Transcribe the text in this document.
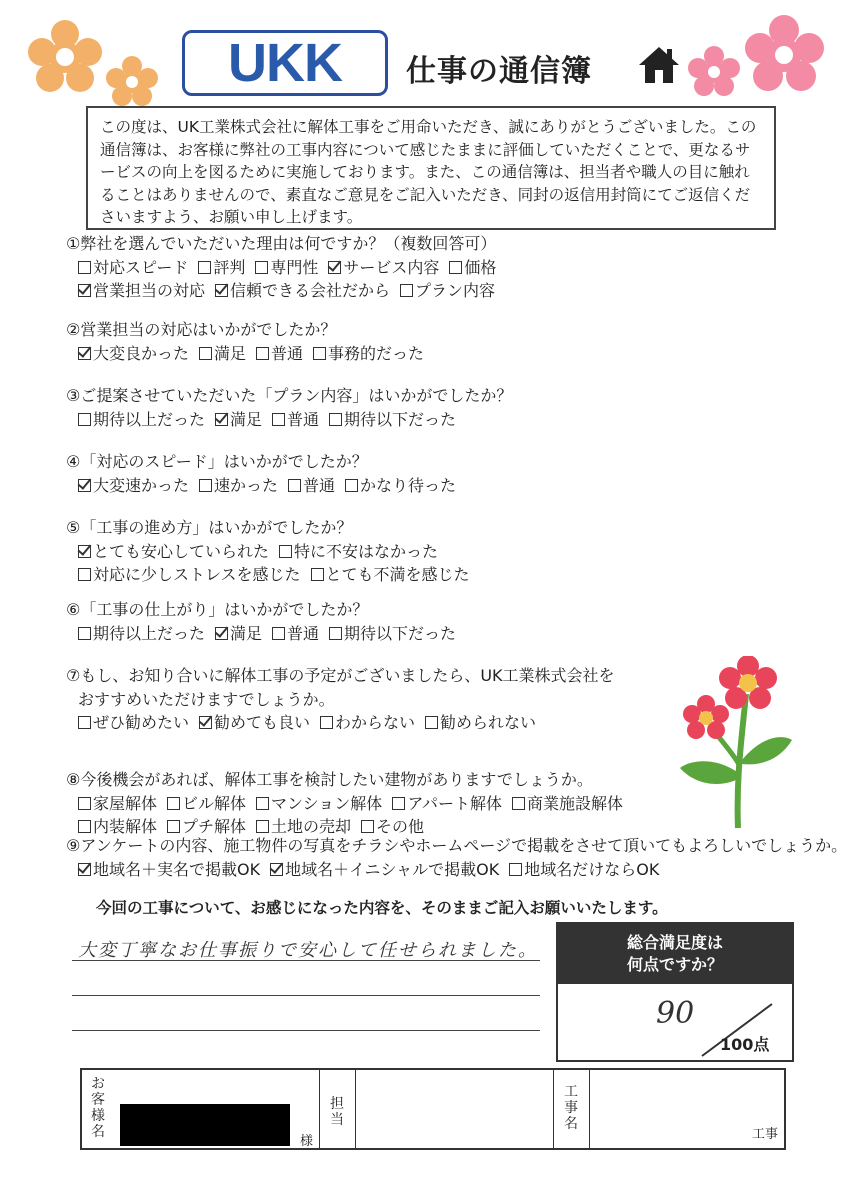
UKK 仕事の通信簿
この度は、UK工業株式会社に解体工事をご用命いただき、誠にありがとうございました。この通信簿は、お客様に弊社の工事内容について感じたままに評価していただくことで、更なるサービスの向上を図るために実施しております。また、この通信簿は、担当者や職人の目に触れることはありませんので、素直なご意見をご記入いただき、同封の返信用封筒にてご返信くださいますよう、お願い申し上げます。
①弊社を選んでいただいた理由は何ですか？（複数回答可）
対応スピード 評判 専門性 サービス内容 価格
営業担当の対応 信頼できる会社だから プラン内容
②営業担当の対応はいかがでしたか？
大変良かった 満足 普通 事務的だった
③ご提案させていただいた「プラン内容」はいかがでしたか？
期待以上だった 満足 普通 期待以下だった
④「対応のスピード」はいかがでしたか？
大変速かった 速かった 普通 かなり待った
⑤「工事の進め方」はいかがでしたか？
とても安心していられた 特に不安はなかった
対応に少しストレスを感じた とても不満を感じた
⑥「工事の仕上がり」はいかがでしたか？
期待以上だった 満足 普通 期待以下だった
⑦もし、お知り合いに解体工事の予定がございましたら、UK工業株式会社を
おすすめいただけますでしょうか。
ぜひ勧めたい 勧めても良い わからない 勧められない
⑧今後機会があれば、解体工事を検討したい建物がありますでしょうか。
家屋解体 ビル解体 マンション解体 アパート解体 商業施設解体
内装解体 プチ解体 土地の売却 その他
⑨アンケートの内容、施工物件の写真をチラシやホームページで掲載をさせて頂いてもよろしいでしょうか。
地域名＋実名で掲載OK 地域名＋イニシャルで掲載OK 地域名だけならOK
今回の工事について、お感じになった内容を、そのままご記入お願いいたします。
大変丁寧なお仕事振りで安心して任せられました。	総合満足度は
何点ですか？
90
100点
お
客
様
名
様
担
当
工
事
名
工事
